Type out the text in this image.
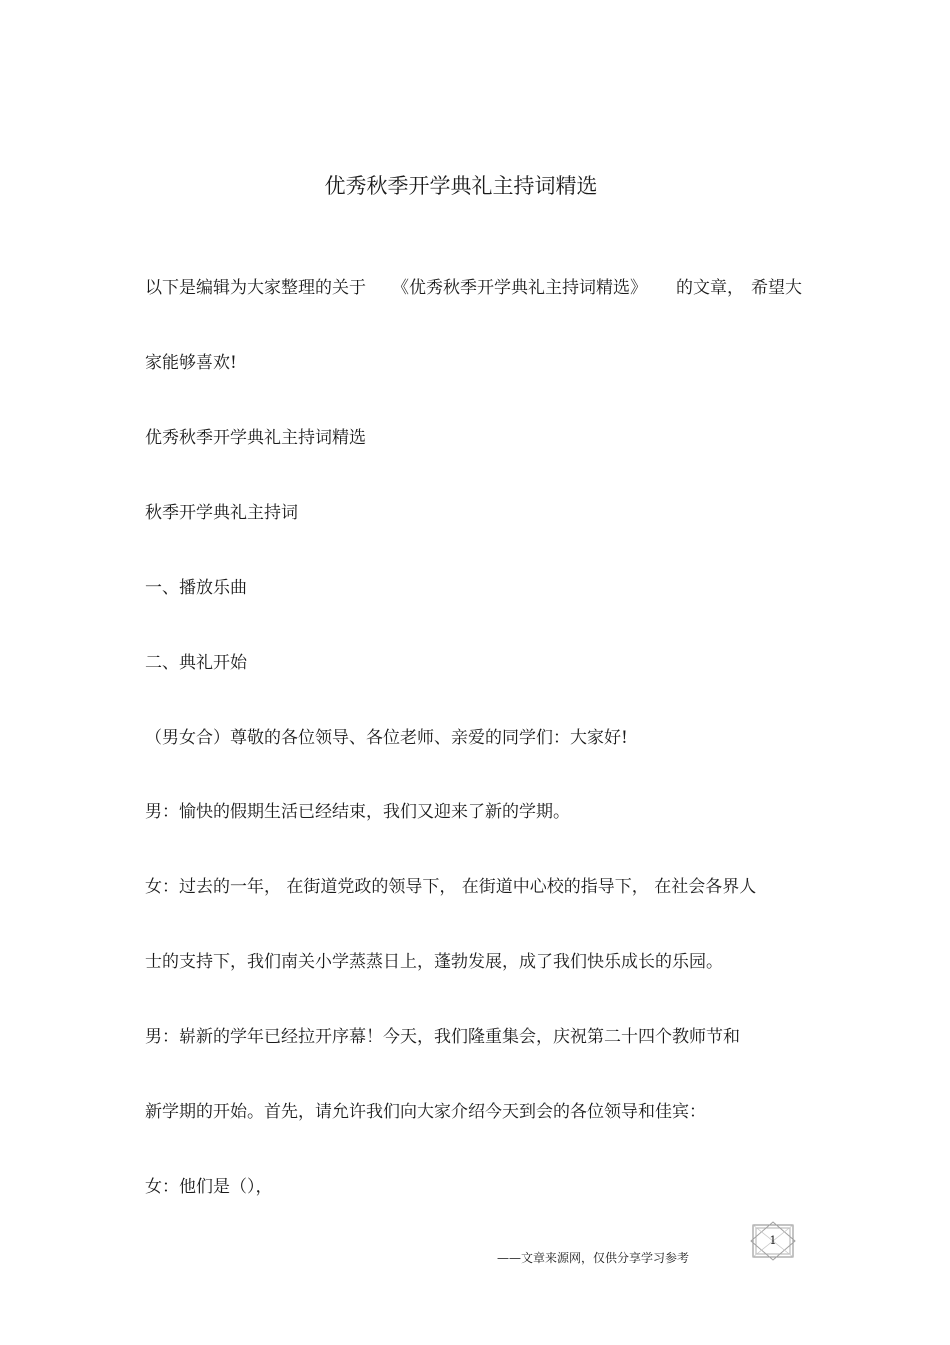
优秀秋季开学典礼主持词精选
以下是编辑为大家整理的关于 《优秀秋季开学典礼主持词精选》 的文章， 希望大
家能够喜欢!
优秀秋季开学典礼主持词精选
秋季开学典礼主持词
一、播放乐曲
二、典礼开始
（男女合）尊敬的各位领导、各位老师、亲爱的同学们：大家好!
男：愉快的假期生活已经结束，我们又迎来了新的学期。
女：过去的一年， 在街道党政的领导下， 在街道中心校的指导下， 在社会各界人
士的支持下，我们南关小学蒸蒸日上，蓬勃发展，成了我们快乐成长的乐园。
男：崭新的学年已经拉开序幕！今天，我们隆重集会，庆祝第二十四个教师节和
新学期的开始。首先，请允许我们向大家介绍今天到会的各位领导和佳宾：
女：他们是（），
——文章来源网，仅供分享学习参考
1
